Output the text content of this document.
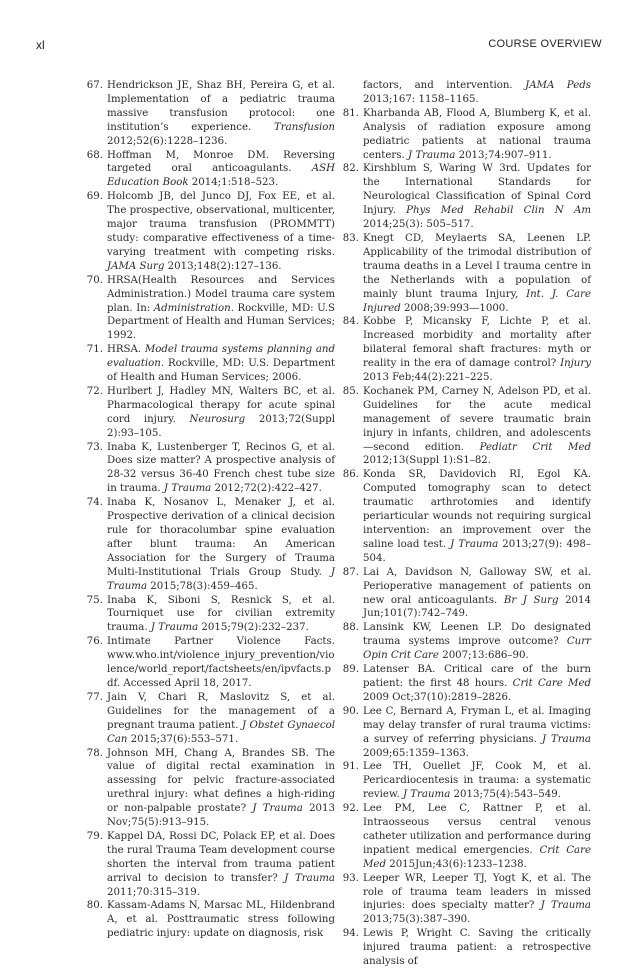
xl	COURSE OVERVIEW
67. Hendrickson JE, Shaz BH, Pereira G, et al. Implementation of a pediatric trauma massive transfusion protocol: one institution’s experience. Transfusion 2012;52(6):1228–1236.
68. Hoffman M, Monroe DM. Reversing targeted oral anticoagulants. ASH Education Book 2014;1:518–523.
69. Holcomb JB, del Junco DJ, Fox EE, et al. The prospective, observational, multicenter, major trauma transfusion (PROMMTT) study: comparative effectiveness of a time-varying treatment with competing risks. JAMA Surg 2013;148(2):127–136.
70. HRSA(Health Resources and Services Administration.) Model trauma care system plan. In: Administration. Rockville, MD: U.S Department of Health and Human Services; 1992.
71. HRSA. Model trauma systems planning and evaluation. Rockville, MD: U.S. Department of Health and Human Services; 2006.
72. Hurlbert J, Hadley MN, Walters BC, et al. Pharmacological therapy for acute spinal cord injury. Neurosurg 2013;72(Suppl 2):93–105.
73. Inaba K, Lustenberger T, Recinos G, et al. Does size matter? A prospective analysis of 28-32 versus 36-40 French chest tube size in trauma. J Trauma 2012;72(2):422–427.
74. Inaba K, Nosanov L, Menaker J, et al. Prospective derivation of a clinical decision rule for thoracolumbar spine evaluation after blunt trauma: An American Association for the Surgery of Trauma Multi-Institutional Trials Group Study. J Trauma 2015;78(3):459–465.
75. Inaba K, Siboni S, Resnick S, et al. Tourniquet use for civilian extremity trauma. J Trauma 2015;79(2):232–237.
76. Intimate Partner Violence Facts. www.who.int/violence_injury_prevention/violence/world_report/factsheets/en/ipvfacts.pdf. Accessed April 18, 2017.
77. Jain V, Chari R, Maslovitz S, et al. Guidelines for the management of a pregnant trauma patient. J Obstet Gynaecol Can 2015;37(6):553–571.
78. Johnson MH, Chang A, Brandes SB. The value of digital rectal examination in assessing for pelvic fracture-associated urethral injury: what defines a high-riding or non-palpable prostate? J Trauma 2013 Nov;75(5):913–915.
79. Kappel DA, Rossi DC, Polack EP, et al. Does the rural Trauma Team development course shorten the interval from trauma patient arrival to decision to transfer? J Trauma 2011;70:315–319.
80. Kassam-Adams N, Marsac ML, Hildenbrand A, et al. Posttraumatic stress following pediatric injury: update on diagnosis, risk
factors, and intervention. JAMA Peds 2013;167: 1158–1165.
81. Kharbanda AB, Flood A, Blumberg K, et al. Analysis of radiation exposure among pediatric patients at national trauma centers. J Trauma 2013;74:907–911.
82. Kirshblum S, Waring W 3rd. Updates for the International Standards for Neurological Classification of Spinal Cord Injury. Phys Med Rehabil Clin N Am 2014;25(3): 505–517.
83. Knegt CD, Meylaerts SA, Leenen LP. Applicability of the trimodal distribution of trauma deaths in a Level I trauma centre in the Netherlands with a population of mainly blunt trauma Injury, Int. J. Care Injured 2008;39:993—1000.
84. Kobbe P, Micansky F, Lichte P, et al. Increased morbidity and mortality after bilateral femoral shaft fractures: myth or reality in the era of damage control? Injury 2013 Feb;44(2):221–225.
85. Kochanek PM, Carney N, Adelson PD, et al. Guidelines for the acute medical management of severe traumatic brain injury in infants, children, and adolescents—second edition. Pediatr Crit Med 2012;13(Suppl 1):S1–82.
86. Konda SR, Davidovich RI, Egol KA. Computed tomography scan to detect traumatic arthrotomies and identify periarticular wounds not requiring surgical intervention: an improvement over the saline load test. J Trauma 2013;27(9): 498–504.
87. Lai A, Davidson N, Galloway SW, et al. Perioperative management of patients on new oral anticoagulants. Br J Surg 2014 Jun;101(7):742–749.
88. Lansink KW, Leenen LP. Do designated trauma systems improve outcome? Curr Opin Crit Care 2007;13:686–90.
89. Latenser BA. Critical care of the burn patient: the first 48 hours. Crit Care Med 2009 Oct;37(10):2819–2826.
90. Lee C, Bernard A, Fryman L, et al. Imaging may delay transfer of rural trauma victims: a survey of referring physicians. J Trauma 2009;65:1359–1363.
91. Lee TH, Ouellet JF, Cook M, et al. Pericardiocentesis in trauma: a systematic review. J Trauma 2013;75(4):543–549.
92. Lee PM, Lee C, Rattner P, et al. Intraosseous versus central venous catheter utilization and performance during inpatient medical emergencies. Crit Care Med 2015Jun;43(6):1233–1238.
93. Leeper WR, Leeper TJ, Yogt K, et al. The role of trauma team leaders in missed injuries: does specialty matter? J Trauma 2013;75(3):387–390.
94. Lewis P, Wright C. Saving the critically injured trauma patient: a retrospective analysis of
